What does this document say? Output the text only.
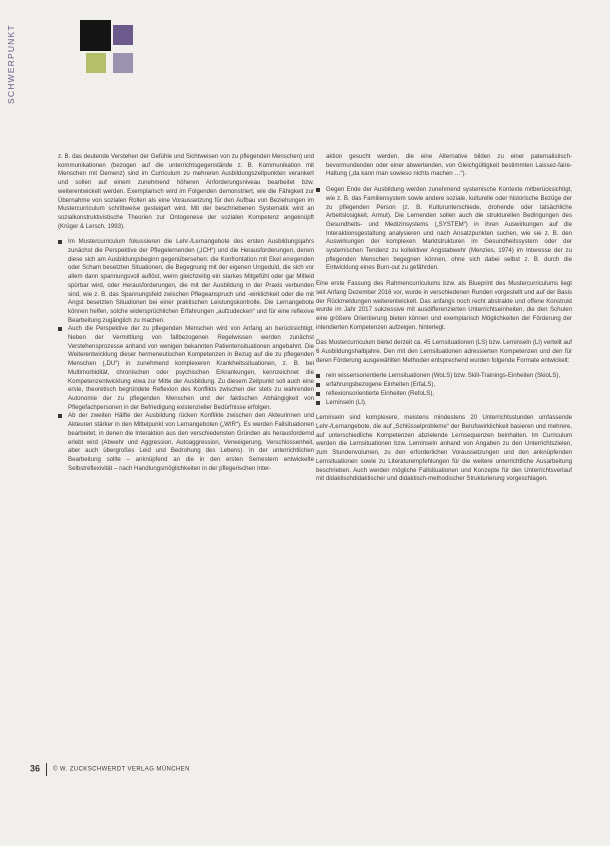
SCHWERPUNKT

z. B. das deutende Verstehen der Gefühle und Sichtweisen von zu pflegenden Menschen) und kommunikationen (bezogen auf die unterrichtsgegenstände z. B. Kommunikation mit Menschen mit Demenz) sind im Curriculum zu mehreren Ausbildungszeitpunkten verankert und sollen auf einem zunehmend höheren Anforderungsniveau bearbeitet bzw. weiterentwickelt werden. Exemplarisch wird im Folgenden demonstriert, wie die Fähigkeit zur Übernahme von sozialen Rollen als eine Voraussetzung für den Aufbau von Beziehungen im Mustercurriculum schrittweise gesteigert wird. Mit der beschriebenen Systematik wird an sozialkonstruktivistische Theorien zur Ontogenese der sozialen Kompetenz angeknüpft (Krüger & Lersch, 1993).

Im Mustercurriculum fokussieren die Lehr-/Lernangebote des ersten Ausbildungsjahrs zunächst die Perspektive der Pflegelernenden („ICH“) und die Herausforderungen, denen diese sich am Ausbildungsbeginn gegenübersehen: die Konfrontation mit Ekel erregenden oder Scham besetzten Situationen, die Begegnung mit der eigenen Ungeduld, die sich vor allem dann spannungsvoll auflöst, wenn gleichzeitig ein starkes Mitgefühl oder gar Mitleid spürbar wird, oder Herausforderungen, die mit der Ausbildung in der Praxis verbunden sind, wie z. B. das Spannungsfeld zwischen Pflegeanspruch und -wirklichkeit oder die mit Angst besetzten Situationen bei einer praktischen Leistungskontrolle. Die Lernangebote können helfen, solche widersprüchlichen Erfahrungen „aufzudecken“ und für eine reflexive Bearbeitung zugänglich zu machen.
Auch die Perspektive der zu pflegenden Menschen wird von Anfang an berücksichtigt. Neben der Vermittlung von fallbezogenen Regelwissen werden zunächst Verstehensprozesse anhand von wenigen bekannten Patientensituationen angebahnt. Die Weiterentwicklung dieser hermeneutischen Kompetenzen in Bezug auf die zu pflegenden Menschen („DU“) in zunehmend komplexeren Krankheitssituationen, z. B. bei Multimorbidität, chronischen oder psychischen Erkrankungen, kennzeichnet die Kompetenzentwicklung etwa zur Mitte der Ausbildung. Zu diesem Zeitpunkt soll auch eine erste, theoretisch begründete Reflexion des Konflikts zwischen der stets zu wahrenden Autonomie der zu pflegenden Menschen und der faktischen Abhängigkeit von Pflegefachpersonen in der Befriedigung existenzieller Bedürfnisse erfolgen.
Ab der zweiten Hälfte der Ausbildung rücken Konflikte zwischen den Akteurinnen und Akteuren stärker in den Mittelpunkt von Lernangeboten („WIR“). Es werden Fallsituationen bearbeitet, in denen die Interaktion aus den verschiedensten Gründen als herausfordernd erlebt wird (Abwehr und Aggression, Autoaggression, Verweigerung, Verschlossenheit, aber auch übergroßes Leid und Bedrohung des Lebens). In der unterrichtlichen Bearbeitung sollte – anknüpfend an die in den ersten Semestern entwickelte Selbstreflexivität – nach Handlungsmöglichkeiten in der pflegerischen Inter-

aktion gesucht werden, die eine Alternative bilden zu einer paternalistisch-bevormundenden oder einer abwertenden, von Gleichgültigkeit bestimmten Laissez-faire-Haltung („da kann man sowieso nichts machen …“).

Gegen Ende der Ausbildung werden zunehmend systemische Kontexte mitberücksichtigt, wie z. B. das Familiensystem sowie andere soziale, kulturelle oder historische Bezüge der zu pflegenden Person (z. B. Kulturunterschiede, drohende oder tatsächliche Arbeitslosigkeit, Armut). Die Lernenden sollen auch die strukturellen Bedingungen des Gesundheits- und Medizinsystems („SYSTEM“) in ihren Auswirkungen auf die Interaktionsgestaltung analysieren und nach Ansatzpunkten suchen, wie sie z. B. den Auswirkungen der komplexen Marktstrukturen im Gesundheitssystem oder der systemischen Tendenz zu kollektiver Angstabwehr (Menzies, 1974) im Interesse der zu pflegenden Menschen begegnen können, ohne sich dabei selbst z. B. durch die Entwicklung eines Burn-out zu gefährden.

Eine erste Fassung des Rahmencurriculums bzw. als Blueprint des Mustercurriculums liegt seit Anfang Dezember 2016 vor, wurde in verschiedenen Runden vorgestellt und auf der Basis der Rückmeldungen weiterentwickelt. Das anfangs noch recht abstrakte und offene Konstrukt wurde im Jahr 2017 sukzessive mit ausdifferenzierten Unterrichtseinheiten, die den Schulen eine größere Orientierung bieten können und exemplarisch Möglichkeiten der Förderung der intendierten Kompetenzen aufzeigen, hinterlegt.

Das Mustercurriculum bietet derzeit ca. 45 Lernsituationen (LS) bzw. Lerninseln (LI) verteilt auf 6 Ausbildungshalbjahre. Den mit den Lernsituationen adressierten Kompetenzen und den für deren Förderung ausgewählten Methoden entsprechend wurden folgende Formate entwickelt:

rein wissensorientierte Lernsituationen (WoLS) bzw. Skill-Trainings-Einheiten (SkioLS),
erfahrungsbezogene Einheiten (ErfaLS),
reflexionsorientierte Einheiten (RefoLS),
Lerninseln (LI).

Lerninseln sind komplexere, meistens mindestens 20 Unterrichtsstunden umfassende Lehr-/Lernangebote, die auf „Schlüsselprobleme“ der Berufswirklichkeit basieren und mehrere, auf unterschiedliche Kompetenzen abzielende Lernsequenzen beinhalten. Im Curriculum werden die Lernsituationen bzw. Lerninseln anhand von Angaben zu den Unterrichtszielen, zum Stundenvolumen, zu den erforderlichen Voraussetzungen und den anknüpfenden Lernsituationen sowie zu Literaturempfehlungen für die weitere unterrichtliche Ausarbeitung beschrieben. Auch werden mögliche Fallsituationen und Konzepte für den Unterrichtsverlauf mit didaktischdidaktischer und didaktisch-methodischer Strukturierung vorgeschlagen.

36 © W. ZUCKSCHWERDT VERLAG MÜNCHEN
